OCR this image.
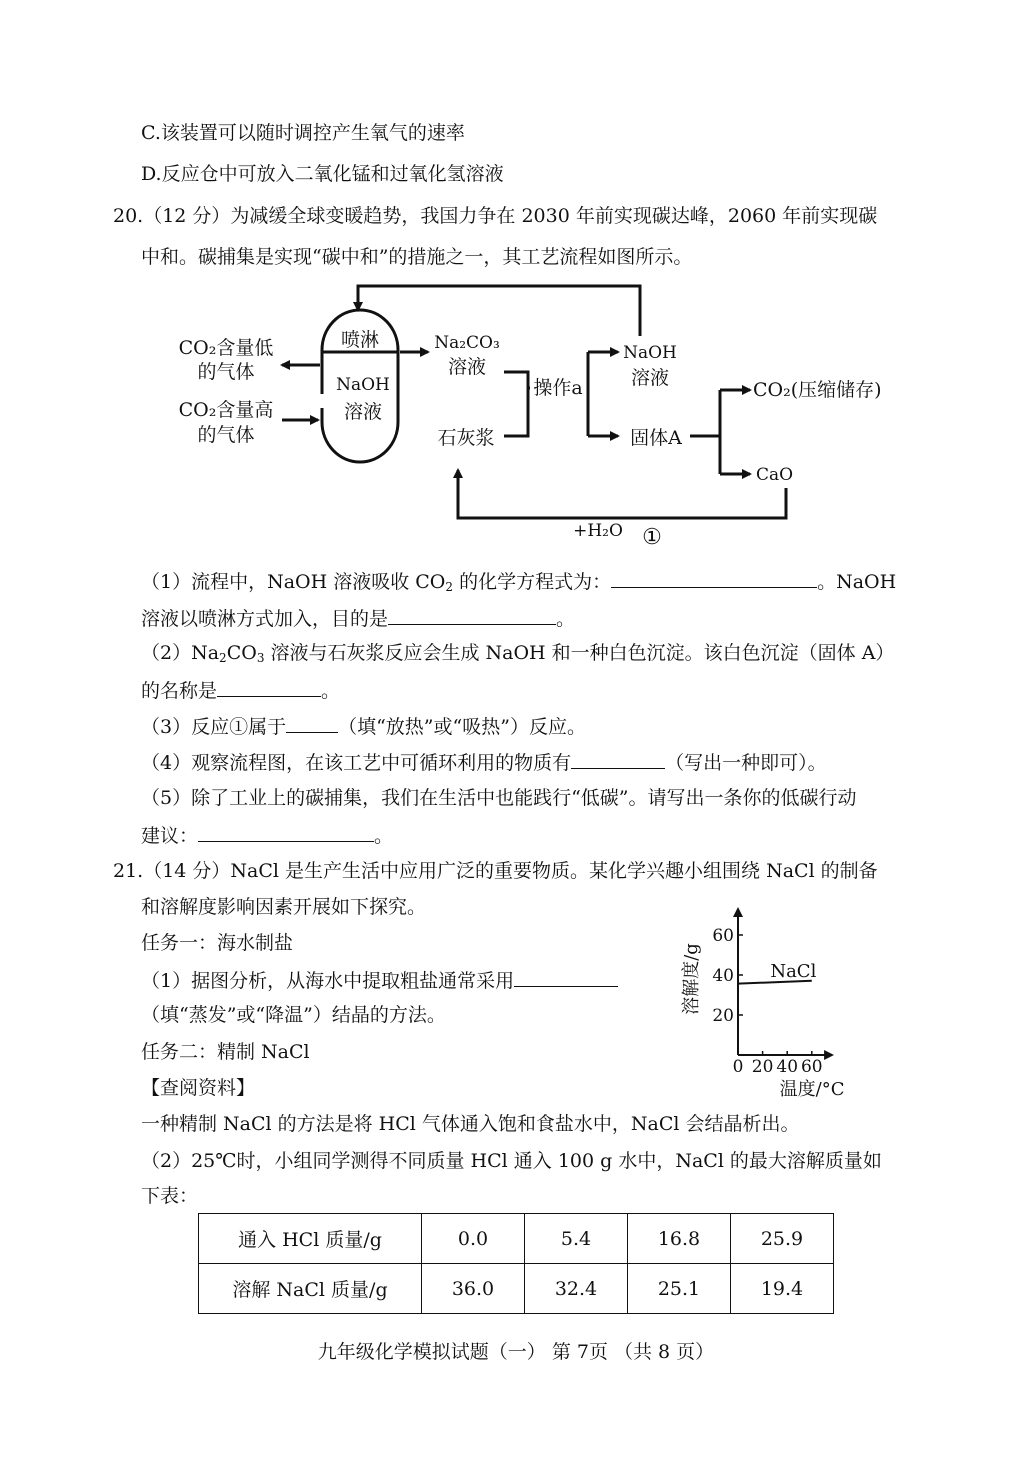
C.该装置可以随时调控产生氧气的速率
D.反应仓中可放入二氧化锰和过氧化氢溶液
20.（12 分）为减缓全球变暖趋势，我国力争在 2030 年前实现碳达峰，2060 年前实现碳
中和。碳捕集是实现“碳中和”的措施之一，其工艺流程如图所示。
喷淋
NaOH
溶液
CO₂含量低
的气体
CO₂含量高
的气体
Na₂CO₃
溶液
石灰浆
操作a
NaOH
溶液
固体A
CO₂(压缩储存)
CaO
+H₂O ①
（1）流程中，NaOH 溶液吸收 $CO_2$ 的化学方程式为：	。NaOH
溶液以喷淋方式加入，目的是	。
$(2)Na_2CO_3$ 溶液与石灰浆反应会生成 NaOH 和一种白色沉淀。该白色沉淀（固体 A）
的名称是	。
（3）反应①属于	（填“放热”或“吸热”）反应。
（4）观察流程图，在该工艺中可循环利用的物质有	（写出一种即可）。
（5）除了工业上的碳捕集，我们在生活中也能践行“低碳”。请写出一条你的低碳行动
建议：	。
21.（14 分）NaCl 是生产生活中应用广泛的重要物质。某化学兴趣小组围绕 NaCl 的制备
和溶解度影响因素开展如下探究。
任务一：海水制盐
（1）据图分析，从海水中提取粗盐通常采用
（填“蒸发”或“降温”）结晶的方法。
任务二：精制 NaCl
【查阅资料】
0 20 40 60
20
40
60
温度/°C
溶解度/g	NaCl
一种精制 NaCl 的方法是将 HCl 气体通入饱和食盐水中，NaCl 会结晶析出。
（2）25℃时，小组同学测得不同质量 HCl 通入 100 g 水中，NaCl 的最大溶解质量如
下表：
通入 HCl 质量/g	0.0	5.4	16.8	25.9
溶解 NaCl 质量/g	36.0	32.4	25.1	19.4
九年级化学模拟试题（一） 第 7页 （共 8 页）
